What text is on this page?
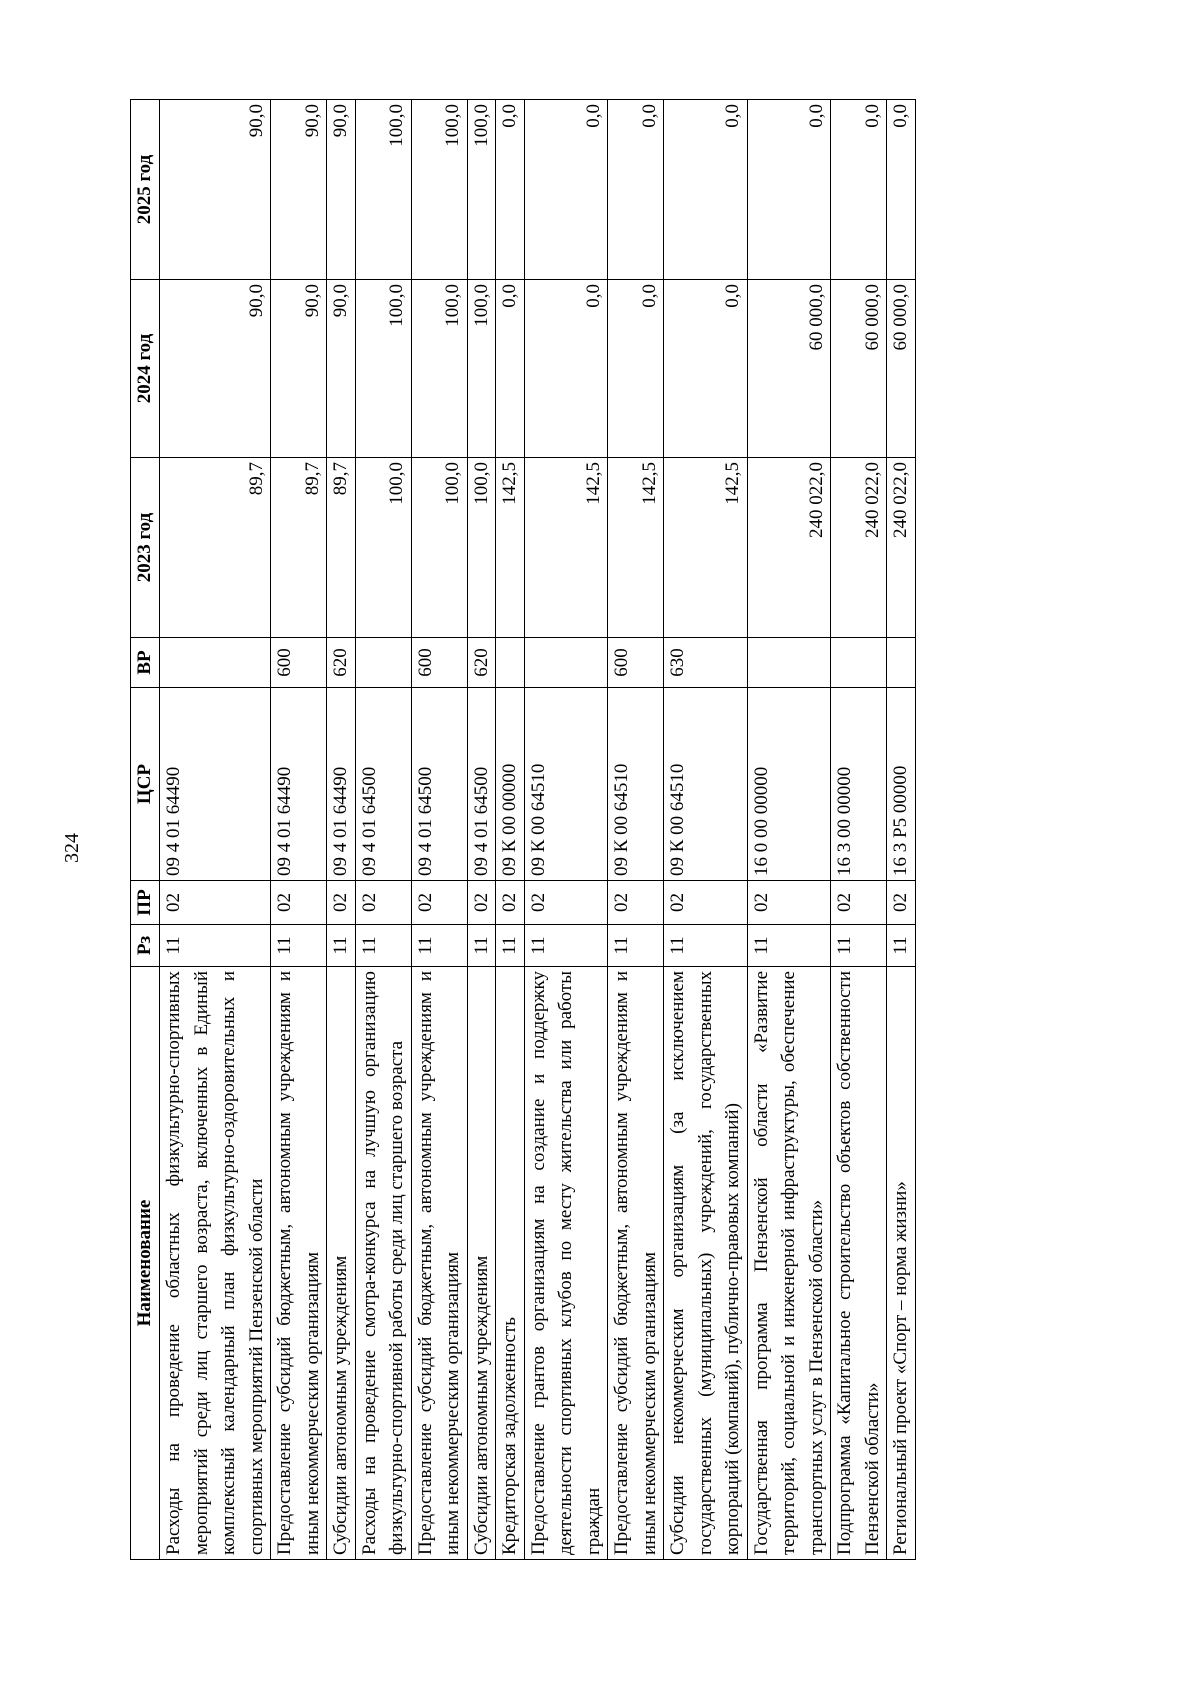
324
Наименование	Рз	ПР	ЦСР	ВР	2023 год	2024 год	2025 год
Расходы на проведение областных физкультурно-спортивных мероприятий среди лиц старшего возраста, включенных в Единый комплексный календарный план физкультурно-оздоровительных и спортивных мероприятий Пензенской области	11	02	09 4 01 64490		89,7	90,0	90,0
Предоставление субсидий бюджетным, автономным учреждениям и иным некоммерческим организациям	11	02	09 4 01 64490	600	89,7	90,0	90,0
Субсидии автономным учреждениям	11	02	09 4 01 64490	620	89,7	90,0	90,0
Расходы на проведение смотра-конкурса на лучшую организацию физкультурно-спортивной работы среди лиц старшего возраста	11	02	09 4 01 64500		100,0	100,0	100,0
Предоставление субсидий бюджетным, автономным учреждениям и иным некоммерческим организациям	11	02	09 4 01 64500	600	100,0	100,0	100,0
Субсидии автономным учреждениям	11	02	09 4 01 64500	620	100,0	100,0	100,0
Кредиторская задолженность	11	02	09 К 00 00000		142,5	0,0	0,0
Предоставление грантов организациям на создание и поддержку деятельности спортивных клубов по месту жительства или работы граждан	11	02	09 К 00 64510		142,5	0,0	0,0
Предоставление субсидий бюджетным, автономным учреждениям и иным некоммерческим организациям	11	02	09 К 00 64510	600	142,5	0,0	0,0
Субсидии некоммерческим организациям (за исключением государственных (муниципальных) учреждений, государственных корпораций (компаний), публично-правовых компаний)	11	02	09 К 00 64510	630	142,5	0,0	0,0
Государственная программа Пензенской области «Развитие территорий, социальной и инженерной инфраструктуры, обеспечение транспортных услуг в Пензенской области»	11	02	16 0 00 00000		240 022,0	60 000,0	0,0
Подпрограмма «Капитальное строительство объектов собственности Пензенской области»	11	02	16 3 00 00000		240 022,0	60 000,0	0,0
Региональный проект «Спорт – норма жизни»	11	02	16 3 P5 00000		240 022,0	60 000,0	0,0
